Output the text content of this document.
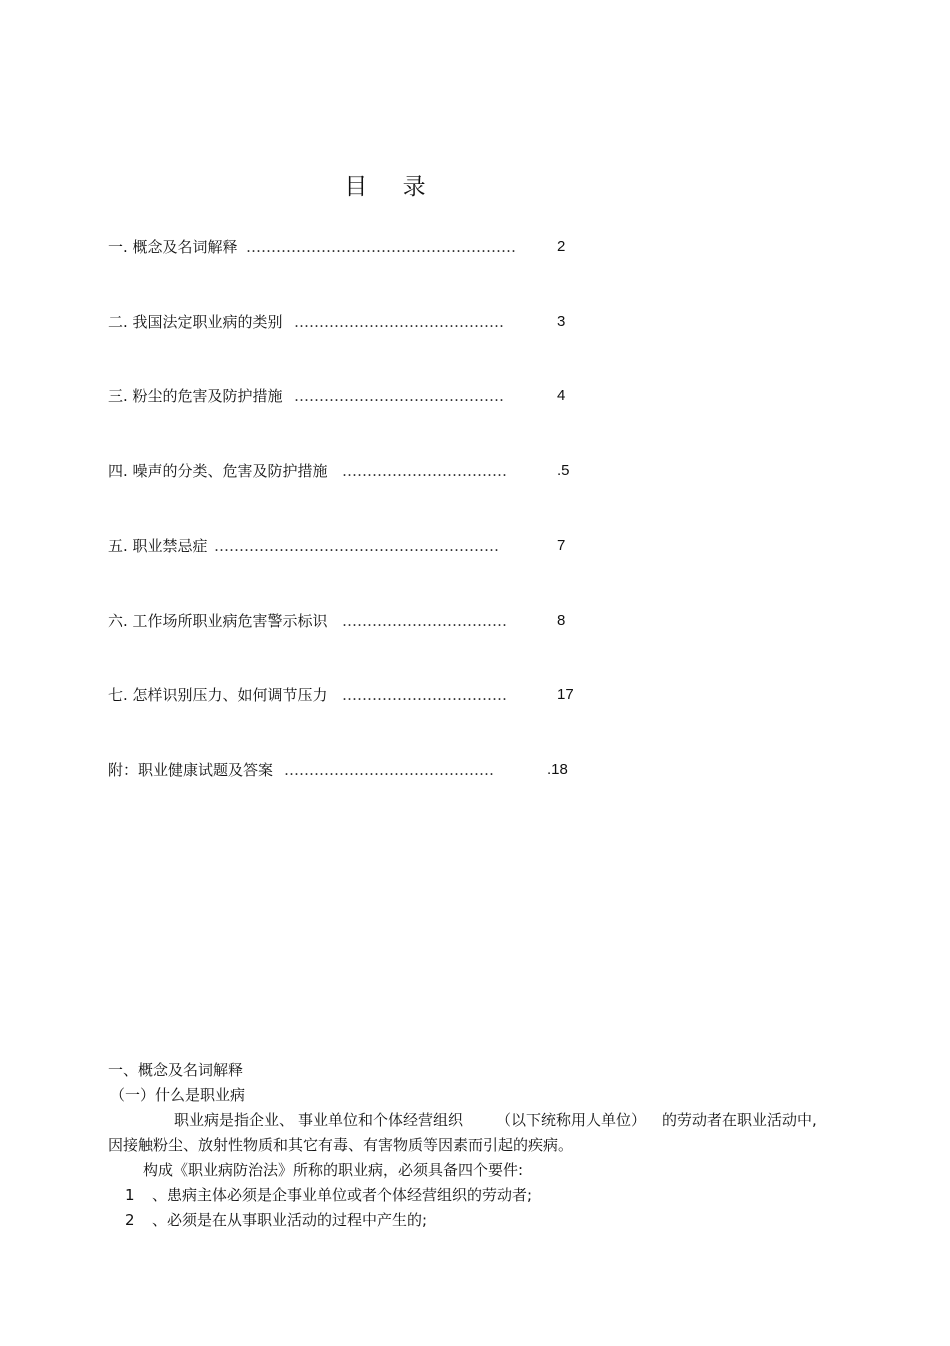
目 录
一. 概念及名词解释 ………………………………………………	2
二. 我国法定职业病的类别 ……………………………………	3
三. 粉尘的危害及防护措施 ……………………………………	4
四. 噪声的分类、危害及防护措施 ……………………………	.5
五. 职业禁忌症 …………………………………………………	7
六. 工作场所职业病危害警示标识 ……………………………	8
七. 怎样识别压力、如何调节压力 ……………………………	17
附：职业健康试题及答案 ……………………………………	.18
一、概念及名词解释
（一）什么是职业病
职业病是指企业、 事业单位和个体经营组织 （以下统称用人单位） 的劳动者在职业活动中,
因接触粉尘、放射性物质和其它有毒、有害物质等因素而引起的疾病。
构成《职业病防治法》所称的职业病，必须具备四个要件:
1 、患病主体必须是企事业单位或者个体经营组织的劳动者;
2 、必须是在从事职业活动的过程中产生的;
